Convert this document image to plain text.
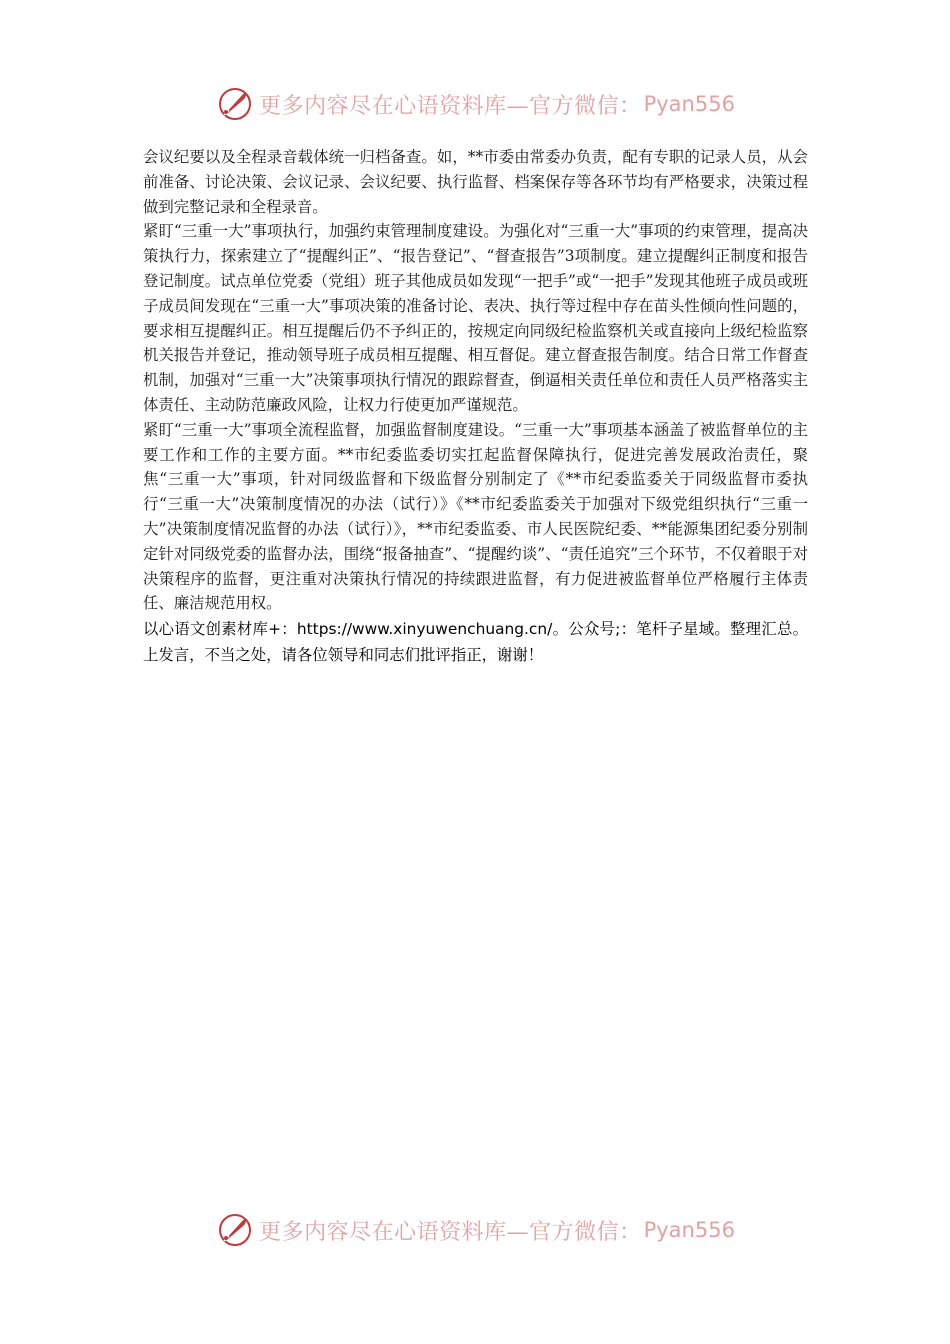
更多内容尽在心语资料库—官方微信： Pyan556

会议纪要以及全程录音载体统一归档备查。如，**市委由常委办负责，配有专职的记录人员，从会前准备、讨论决策、会议记录、会议纪要、执行监督、档案保存等各环节均有严格要求，决策过程做到完整记录和全程录音。

紧盯“三重一大”事项执行，加强约束管理制度建设。为强化对“三重一大”事项的约束管理，提高决策执行力，探索建立了“提醒纠正”、“报告登记”、“督查报告”3项制度。建立提醒纠正制度和报告登记制度。试点单位党委（党组）班子其他成员如发现“一把手”或“一把手”发现其他班子成员或班子成员间发现在“三重一大”事项决策的准备讨论、表决、执行等过程中存在苗头性倾向性问题的，要求相互提醒纠正。相互提醒后仍不予纠正的，按规定向同级纪检监察机关或直接向上级纪检监察机关报告并登记，推动领导班子成员相互提醒、相互督促。建立督查报告制度。结合日常工作督查机制，加强对“三重一大”决策事项执行情况的跟踪督查，倒逼相关责任单位和责任人员严格落实主体责任、主动防范廉政风险，让权力行使更加严谨规范。

紧盯“三重一大”事项全流程监督，加强监督制度建设。“三重一大”事项基本涵盖了被监督单位的主要工作和工作的主要方面。**市纪委监委切实扛起监督保障执行，促进完善发展政治责任，聚焦“三重一大”事项，针对同级监督和下级监督分别制定了《**市纪委监委关于同级监督市委执行“三重一大”决策制度情况的办法（试行）》《**市纪委监委关于加强对下级党组织执行“三重一大”决策制度情况监督的办法（试行）》，**市纪委监委、市人民医院纪委、**能源集团纪委分别制定针对同级党委的监督办法，围绕“报备抽查”、“提醒约谈”、“责任追究”三个环节，不仅着眼于对决策程序的监督，更注重对决策执行情况的持续跟进监督，有力促进被监督单位严格履行主体责任、廉洁规范用权。

以心语文创素材库+：https://www.xinyuwenchuang.cn/。公众号;：笔杆子星域。整理汇总。上发言，不当之处，请各位领导和同志们批评指正，谢谢！

更多内容尽在心语资料库—官方微信： Pyan556
